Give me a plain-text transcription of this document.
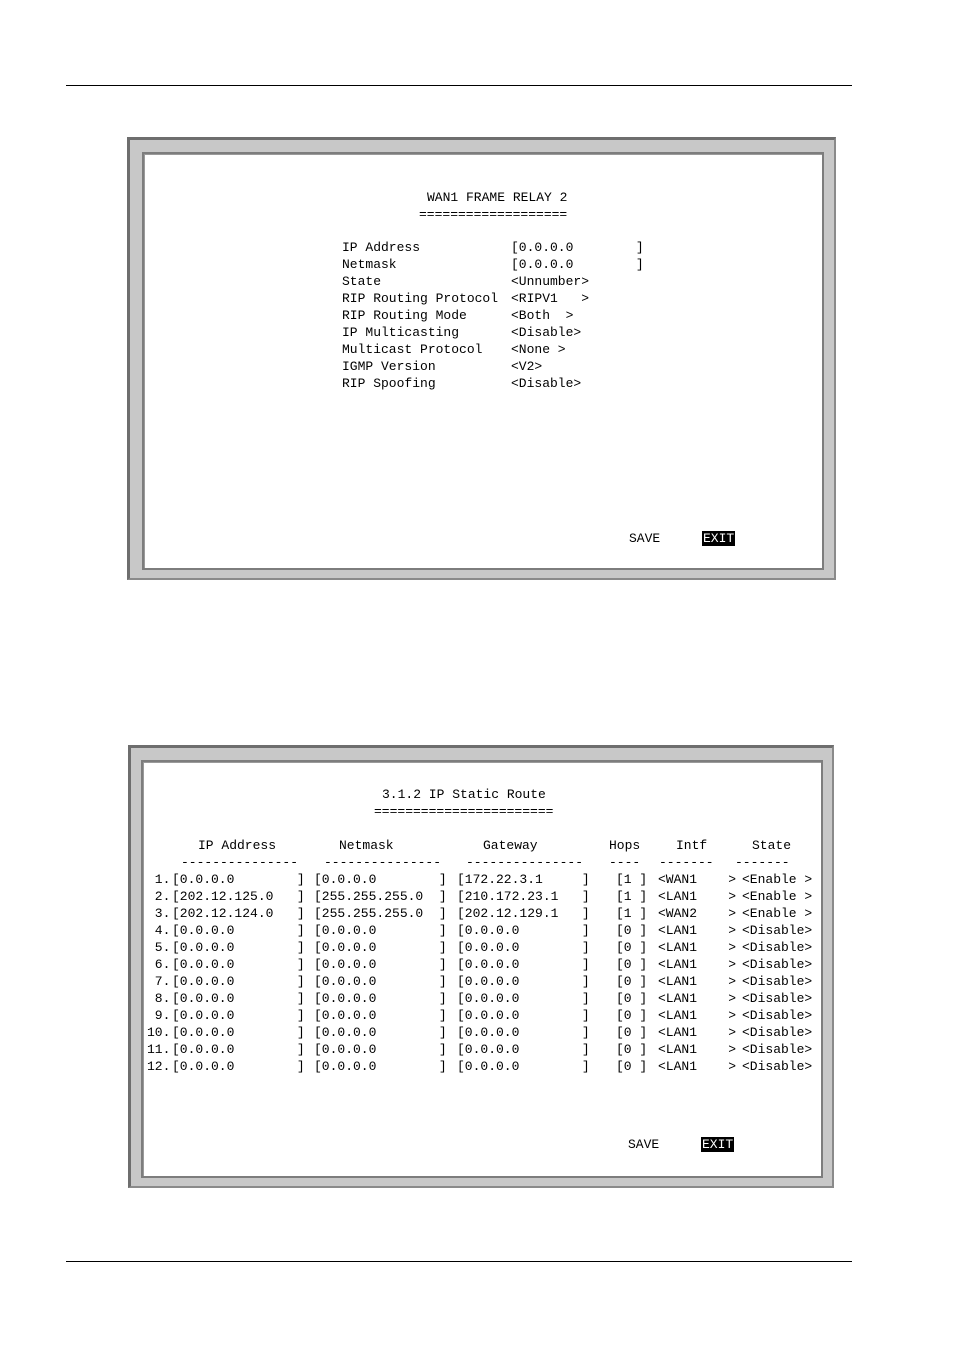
WAN1 FRAME RELAY 2
===================
IP Address	[0.0.0.0        ]
Netmask	[0.0.0.0        ]
State	<Unnumber>
RIP Routing Protocol <RIPV1   >
RIP Routing Mode	<Both  >
IP Multicasting	<Disable>
Multicast Protocol <None >
IGMP Version	<V2>
RIP Spoofing	<Disable>
SAVE	EXIT
3.1.2 IP Static Route
=======================
IP Address	Netmask	Gateway	Hops	Intf	State
--------------- --------------- --------------- ---- ------- -------
1.	[0.0.0.0        ]	[0.0.0.0        ]	[172.22.3.1     ]	[1 ]	<WAN1    >	<Enable >
2.	[202.12.125.0   ]	[255.255.255.0  ]	[210.172.23.1   ]	[1 ]	<LAN1    >	<Enable >
3.	[202.12.124.0   ]	[255.255.255.0  ]	[202.12.129.1   ]	[1 ]	<WAN2    >	<Enable >
4.	[0.0.0.0        ]	[0.0.0.0        ]	[0.0.0.0        ]	[0 ]	<LAN1    >	<Disable>
5.	[0.0.0.0        ]	[0.0.0.0        ]	[0.0.0.0        ]	[0 ]	<LAN1    >	<Disable>
6.	[0.0.0.0        ]	[0.0.0.0        ]	[0.0.0.0        ]	[0 ]	<LAN1    >	<Disable>
7.	[0.0.0.0        ]	[0.0.0.0        ]	[0.0.0.0        ]	[0 ]	<LAN1    >	<Disable>
8.	[0.0.0.0        ]	[0.0.0.0        ]	[0.0.0.0        ]	[0 ]	<LAN1    >	<Disable>
9.	[0.0.0.0        ]	[0.0.0.0        ]	[0.0.0.0        ]	[0 ]	<LAN1    >	<Disable>
10.	[0.0.0.0        ]	[0.0.0.0        ]	[0.0.0.0        ]	[0 ]	<LAN1    >	<Disable>
11.	[0.0.0.0        ]	[0.0.0.0        ]	[0.0.0.0        ]	[0 ]	<LAN1    >	<Disable>
12.	[0.0.0.0        ]	[0.0.0.0        ]	[0.0.0.0        ]	[0 ]	<LAN1    >	<Disable>
SAVE	EXIT
